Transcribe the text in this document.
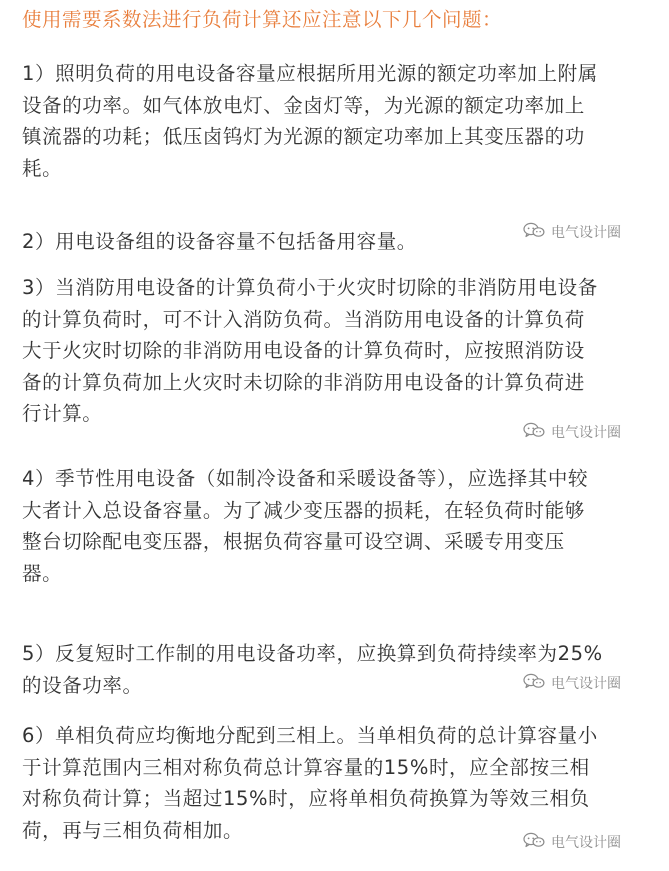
使用需要系数法进行负荷计算还应注意以下几个问题：

1）照明负荷的用电设备容量应根据所用光源的额定功率加上附属
设备的功率。如气体放电灯、金卤灯等，为光源的额定功率加上
镇流器的功耗；低压卤钨灯为光源的额定功率加上其变压器的功
耗。

2）用电设备组的设备容量不包括备用容量。

3）当消防用电设备的计算负荷小于火灾时切除的非消防用电设备
的计算负荷时，可不计入消防负荷。当消防用电设备的计算负荷
大于火灾时切除的非消防用电设备的计算负荷时，应按照消防设
备的计算负荷加上火灾时未切除的非消防用电设备的计算负荷进
行计算。

4）季节性用电设备（如制冷设备和采暖设备等），应选择其中较
大者计入总设备容量。为了减少变压器的损耗，在轻负荷时能够
整台切除配电变压器，根据负荷容量可设空调、采暖专用变压
器。

5）反复短时工作制的用电设备功率，应换算到负荷持续率为25%
的设备功率。

6）单相负荷应均衡地分配到三相上。当单相负荷的总计算容量小
于计算范围内三相对称负荷总计算容量的15%时，应全部按三相
对称负荷计算；当超过15%时，应将单相负荷换算为等效三相负
荷，再与三相负荷相加。

电气设计圈
电气设计圈
电气设计圈
电气设计圈
